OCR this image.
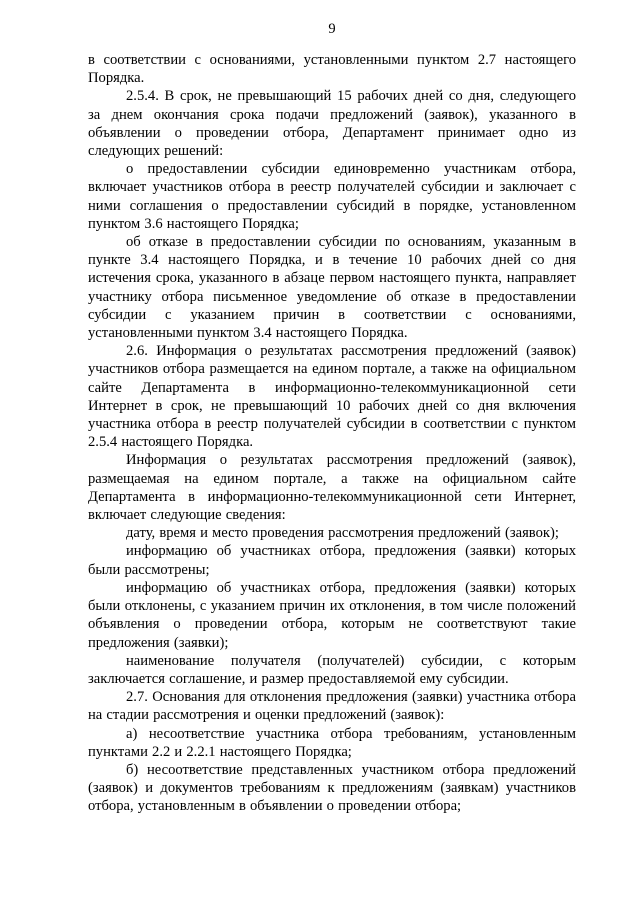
9

в соответствии с основаниями, установленными пунктом 2.7 настоящего Порядка.

2.5.4. В срок, не превышающий 15 рабочих дней со дня, следующего за днем окончания срока подачи предложений (заявок), указанного в объявлении о проведении отбора, Департамент принимает одно из следующих решений:

о предоставлении субсидии единовременно участникам отбора, включает участников отбора в реестр получателей субсидии и заключает с ними соглашения о предоставлении субсидий в порядке, установленном пунктом 3.6 настоящего Порядка;

об отказе в предоставлении субсидии по основаниям, указанным в пункте 3.4 настоящего Порядка, и в течение 10 рабочих дней со дня истечения срока, указанного в абзаце первом настоящего пункта, направляет участнику отбора письменное уведомление об отказе в предоставлении субсидии с указанием причин в соответствии с основаниями, установленными пунктом 3.4 настоящего Порядка.

2.6. Информация о результатах рассмотрения предложений (заявок) участников отбора размещается на едином портале, а также на официальном сайте Департамента в информационно-телекоммуникационной сети Интернет в срок, не превышающий 10 рабочих дней со дня включения участника отбора в реестр получателей субсидии в соответствии с пунктом 2.5.4 настоящего Порядка.

Информация о результатах рассмотрения предложений (заявок), размещаемая на едином портале, а также на официальном сайте Департамента в информационно-телекоммуникационной сети Интернет, включает следующие сведения:

дату, время и место проведения рассмотрения предложений (заявок);

информацию об участниках отбора, предложения (заявки) которых были рассмотрены;

информацию об участниках отбора, предложения (заявки) которых были отклонены, с указанием причин их отклонения, в том числе положений объявления о проведении отбора, которым не соответствуют такие предложения (заявки);

наименование получателя (получателей) субсидии, с которым заключается соглашение, и размер предоставляемой ему субсидии.

2.7. Основания для отклонения предложения (заявки) участника отбора на стадии рассмотрения и оценки предложений (заявок):

а) несоответствие участника отбора требованиям, установленным пунктами 2.2 и 2.2.1 настоящего Порядка;

б) несоответствие представленных участником отбора предложений (заявок) и документов требованиям к предложениям (заявкам) участников отбора, установленным в объявлении о проведении отбора;
